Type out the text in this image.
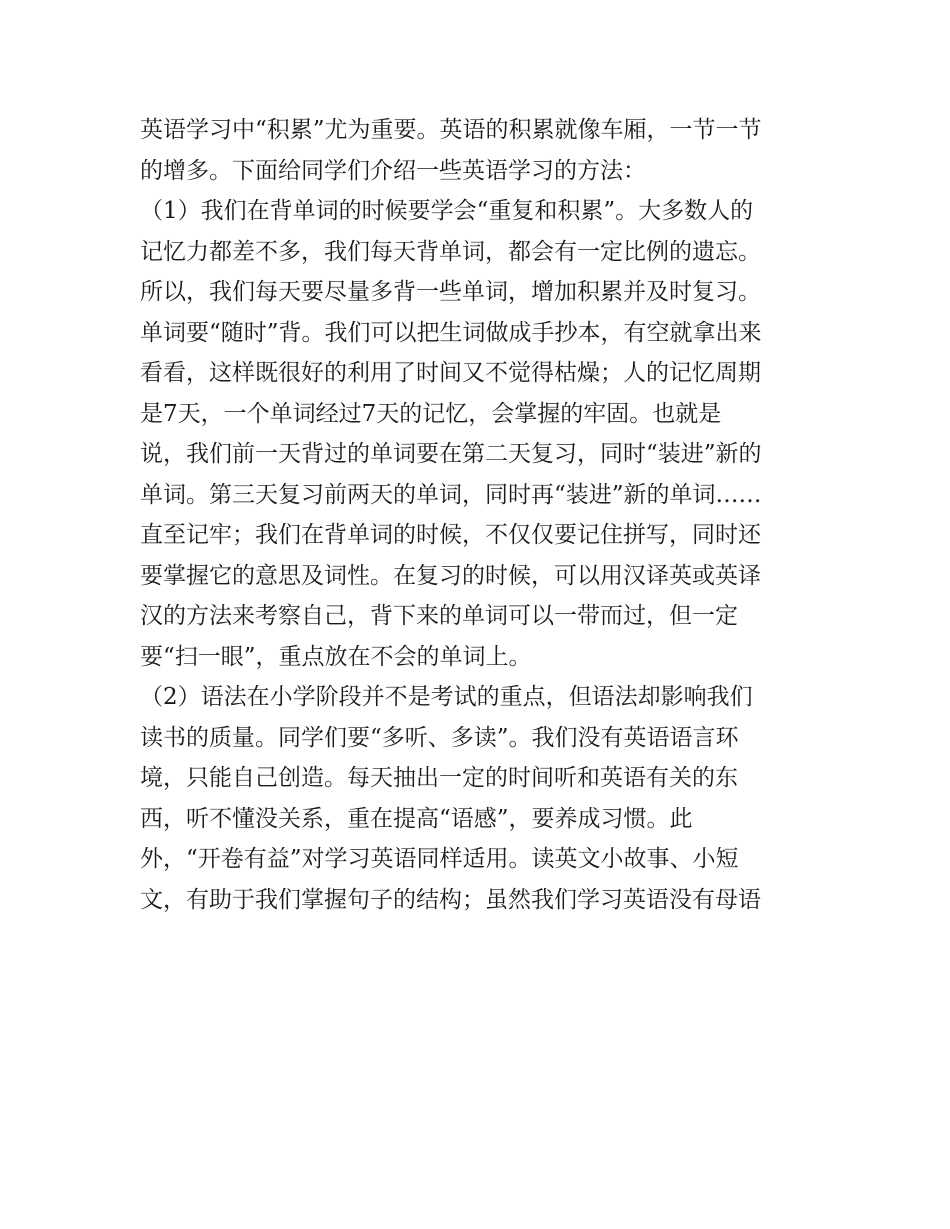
英语学习中“积累”尤为重要。英语的积累就像车厢，一节一节
的增多。下面给同学们介绍一些英语学习的方法：
（1）我们在背单词的时候要学会“重复和积累”。大多数人的
记忆力都差不多，我们每天背单词，都会有一定比例的遗忘。
所以，我们每天要尽量多背一些单词，增加积累并及时复习。
单词要“随时”背。我们可以把生词做成手抄本，有空就拿出来
看看，这样既很好的利用了时间又不觉得枯燥；人的记忆周期
是7天，一个单词经过7天的记忆，会掌握的牢固。也就是
说，我们前一天背过的单词要在第二天复习，同时“装进”新的
单词。第三天复习前两天的单词，同时再“装进”新的单词……
直至记牢；我们在背单词的时候，不仅仅要记住拼写，同时还
要掌握它的意思及词性。在复习的时候，可以用汉译英或英译
汉的方法来考察自己，背下来的单词可以一带而过，但一定
要“扫一眼”，重点放在不会的单词上。
（2）语法在小学阶段并不是考试的重点，但语法却影响我们
读书的质量。同学们要“多听、多读”。我们没有英语语言环
境，只能自己创造。每天抽出一定的时间听和英语有关的东
西，听不懂没关系，重在提高“语感”，要养成习惯。此
外，“开卷有益”对学习英语同样适用。读英文小故事、小短
文，有助于我们掌握句子的结构；虽然我们学习英语没有母语
